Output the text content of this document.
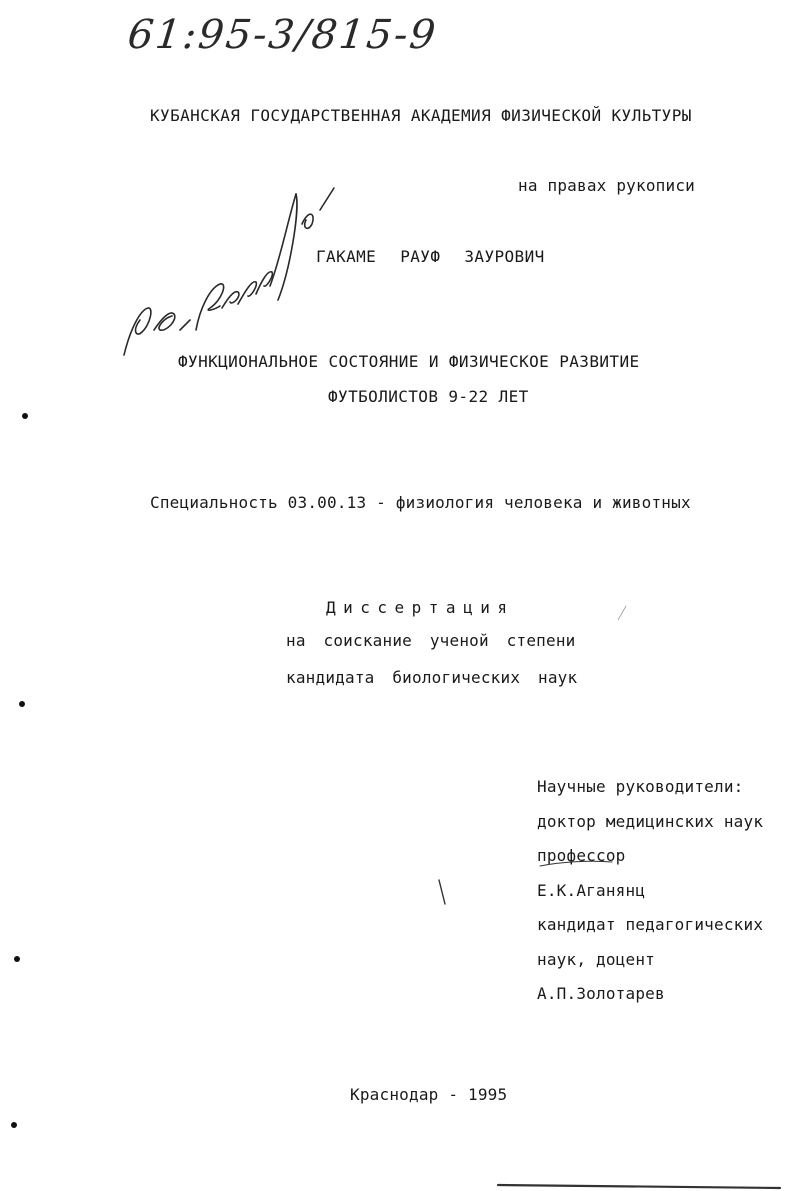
61:95-3/815-9
КУБАНСКАЯ ГОСУДАРСТВЕННАЯ АКАДЕМИЯ ФИЗИЧЕСКОЙ КУЛЬТУРЫ
на правах рукописи
ГАКАМЕ РАУФ ЗАУРОВИЧ
ФУНКЦИОНАЛЬНОЕ СОСТОЯНИЕ И ФИЗИЧЕСКОЕ РАЗВИТИЕ
ФУТБОЛИСТОВ 9-22 ЛЕТ
Специальность 03.00.13 - физиология человека и животных
Диссертация
на соискание ученой степени
кандидата биологических наук
Научные руководители:
доктор медицинских наук
профессор
Е.К.Аганянц
кандидат педагогических
наук, доцент
А.П.Золотарев
Краснодар - 1995
